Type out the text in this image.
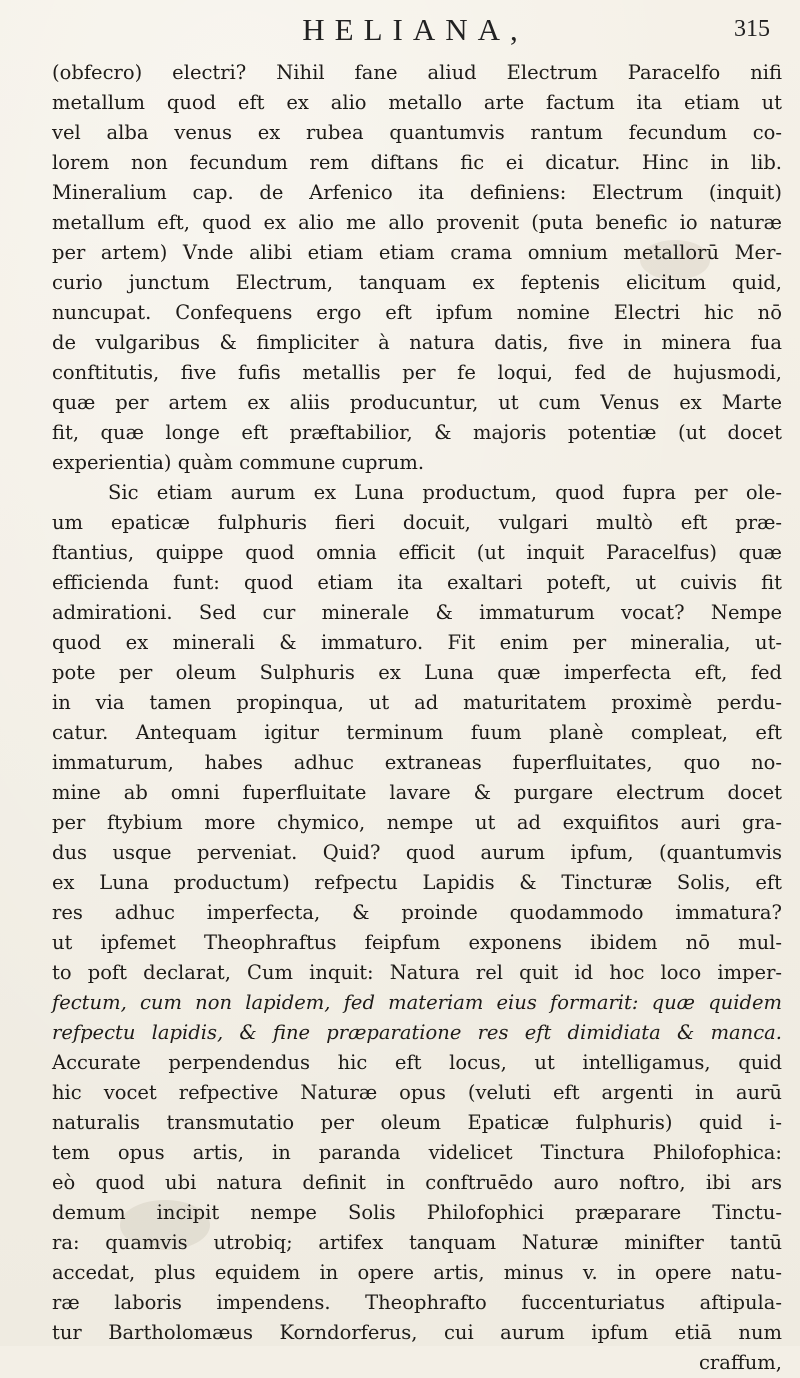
HELIANA,	315
(obfecro) electri? Nihil fane aliud Electrum Paracelfo nifi
metallum quod eft ex alio metallo arte factum ita etiam ut
vel alba venus ex rubea quantumvis rantum fecundum co-
lorem non fecundum rem diftans fic ei dicatur. Hinc in lib.
Mineralium cap. de Arfenico ita definiens: Electrum (inquit)
metallum eft, quod ex alio me allo provenit (puta benefic io naturæ
per artem) Vnde alibi etiam etiam crama omnium metallorū Mer-
curio junctum Electrum, tanquam ex feptenis elicitum quid,
nuncupat. Confequens ergo eft ipfum nomine Electri hic nō
de vulgaribus & fimpliciter à natura datis, five in minera fua
conftitutis, five fufis metallis per fe loqui, fed de hujusmodi,
quæ per artem ex aliis producuntur, ut cum Venus ex Marte
fit, quæ longe eft præftabilior, & majoris potentiæ (ut docet
experientia) quàm commune cuprum.
Sic etiam aurum ex Luna productum, quod fupra per ole-
um epaticæ fulphuris fieri docuit, vulgari multò eft præ-
ftantius, quippe quod omnia efficit (ut inquit Paracelfus) quæ
efficienda funt: quod etiam ita exaltari poteft, ut cuivis fit
admirationi. Sed cur minerale & immaturum vocat? Nempe
quod ex minerali & immaturo. Fit enim per mineralia, ut-
pote per oleum Sulphuris ex Luna quæ imperfecta eft, fed
in via tamen propinqua, ut ad maturitatem proximè perdu-
catur. Antequam igitur terminum fuum planè compleat, eft
immaturum, habes adhuc extraneas fuperfluitates, quo no-
mine ab omni fuperfluitate lavare & purgare electrum docet
per ftybium more chymico, nempe ut ad exquifitos auri gra-
dus usque perveniat. Quid? quod aurum ipfum, (quantumvis
ex Luna productum) refpectu Lapidis & Tincturæ Solis, eft
res adhuc imperfecta, & proinde quodammodo immatura?
ut ipfemet Theophraftus feipfum exponens ibidem nō mul-
to poft declarat, Cum inquit: Natura rel quit id hoc loco imper-
fectum, cum non lapidem, fed materiam eius formarit: quæ quidem
refpectu lapidis, & fine præparatione res eft dimidiata & manca.
Accurate perpendendus hic eft locus, ut intelligamus, quid
hic vocet refpective Naturæ opus (veluti eft argenti in aurū
naturalis transmutatio per oleum Epaticæ fulphuris) quid i-
tem opus artis, in paranda videlicet Tinctura Philofophica:
eò quod ubi natura definit in conftruēdo auro noftro, ibi ars
demum incipit nempe Solis Philofophici præparare Tinctu-
ra: quamvis utrobiq; artifex tanquam Naturæ minifter tantū
accedat, plus equidem in opere artis, minus v. in opere natu-
ræ laboris impendens. Theophrafto fuccenturiatus aftipula-
tur Bartholomæus Korndorferus, cui aurum ipfum etiā num
craffum,
